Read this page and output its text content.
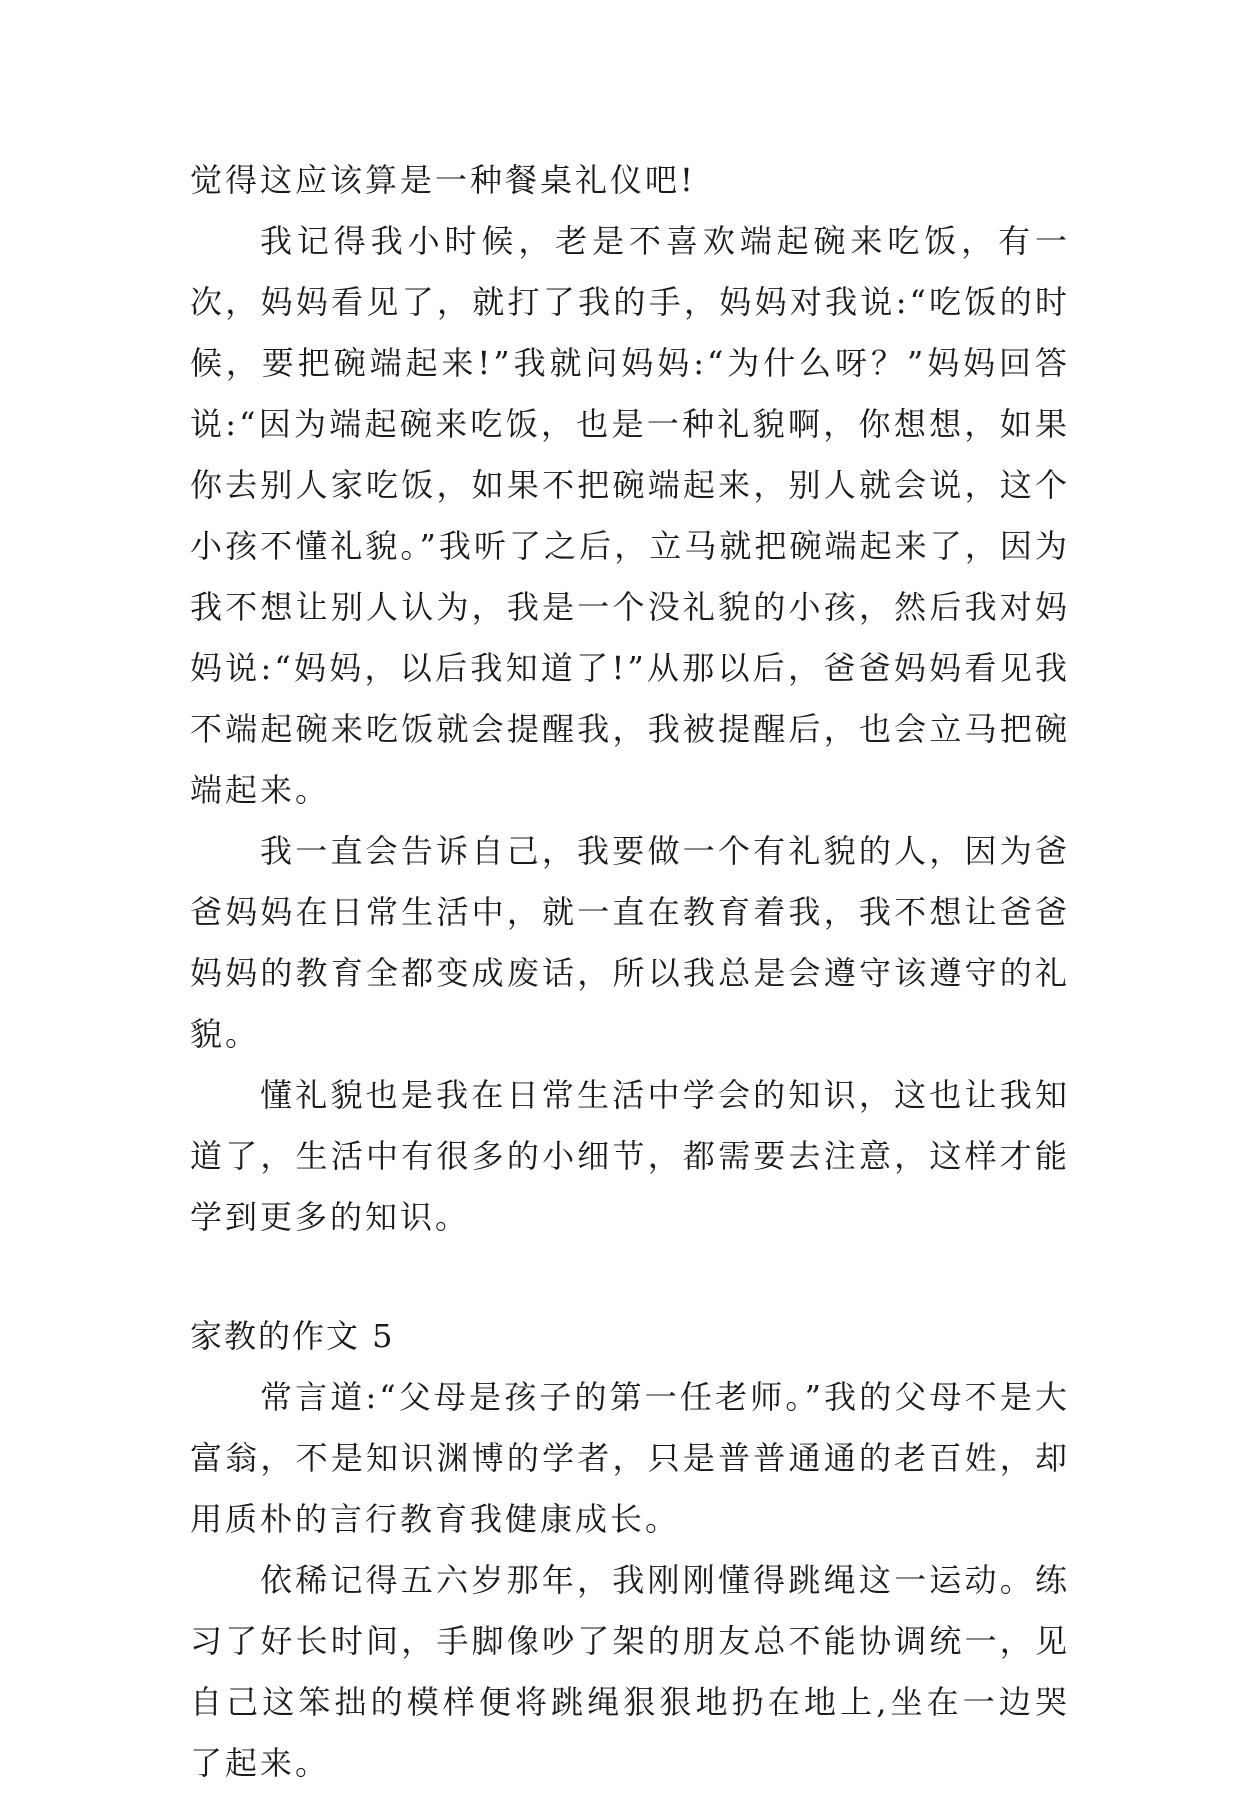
觉得这应该算是一种餐桌礼仪吧!

我记得我小时候，老是不喜欢端起碗来吃饭，有一次，妈妈看见了，就打了我的手，妈妈对我说:“吃饭的时候，要把碗端起来!”我就问妈妈:“为什么呀？”妈妈回答说:“因为端起碗来吃饭，也是一种礼貌啊，你想想，如果你去别人家吃饭，如果不把碗端起来，别人就会说，这个小孩不懂礼貌。”我听了之后，立马就把碗端起来了，因为我不想让别人认为，我是一个没礼貌的小孩，然后我对妈妈说:“妈妈，以后我知道了!”从那以后，爸爸妈妈看见我不端起碗来吃饭就会提醒我，我被提醒后，也会立马把碗端起来。

我一直会告诉自己，我要做一个有礼貌的人，因为爸爸妈妈在日常生活中，就一直在教育着我，我不想让爸爸妈妈的教育全都变成废话，所以我总是会遵守该遵守的礼貌。

懂礼貌也是我在日常生活中学会的知识，这也让我知道了，生活中有很多的小细节，都需要去注意，这样才能学到更多的知识。

家教的作文 5

常言道:“父母是孩子的第一任老师。”我的父母不是大富翁，不是知识渊博的学者，只是普普通通的老百姓，却用质朴的言行教育我健康成长。

依稀记得五六岁那年，我刚刚懂得跳绳这一运动。练习了好长时间，手脚像吵了架的朋友总不能协调统一，见自己这笨拙的模样便将跳绳狠狠地扔在地上,坐在一边哭了起来。
